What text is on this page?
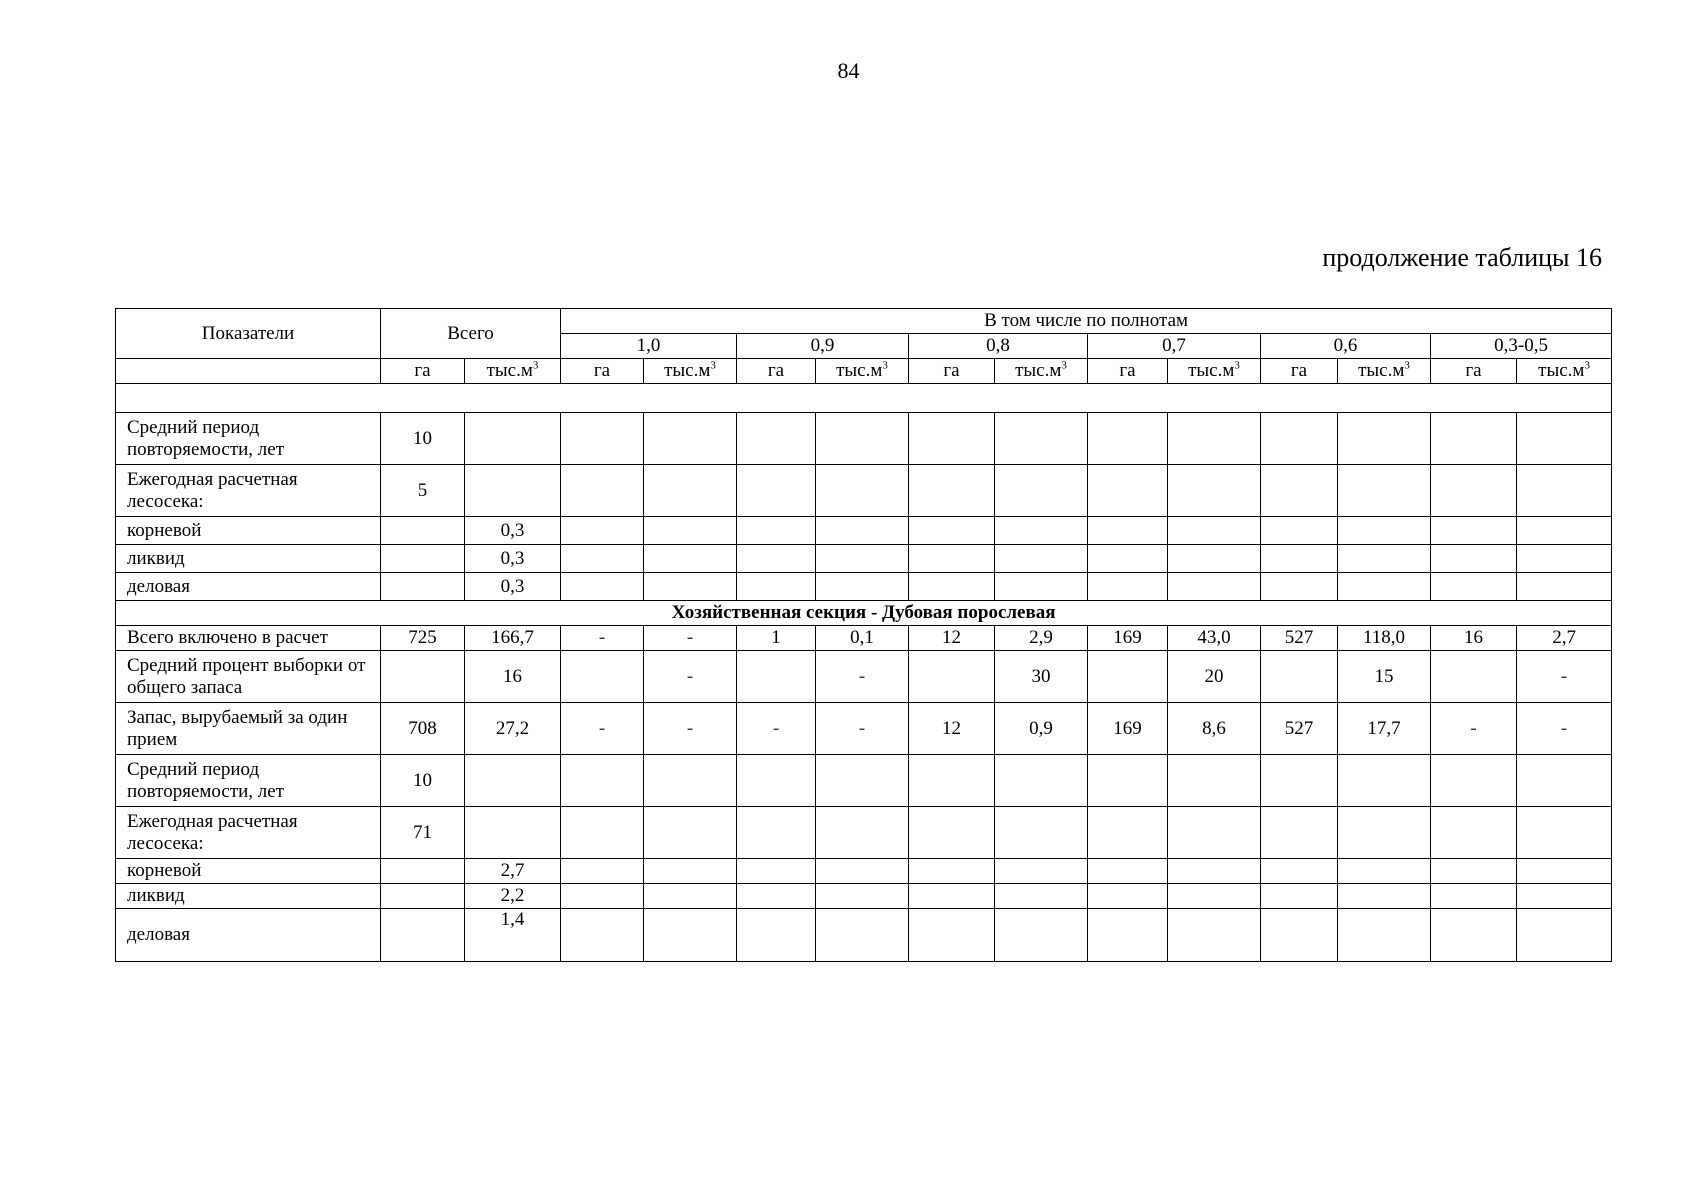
84
продолжение таблицы 16
Показатели	Всего		В том числе по полнотам											
			1,0		0,9		0,8		0,7		0,6		0,3-0,5	
	га	$тыс.м^3$	га	$тыс.м^3$	га	$тыс.м^3$	га	$тыс.м^3$	га	$тыс.м^3$	га	$тыс.м^3$	га	$тыс.м^3$

Средний период повторяемости, лет	10													
Ежегодная расчетная лесосека:	5													
корневой		0,3												
ликвид		0,3												
деловая		0,3												
Хозяйственная секция - Дубовая порослевая														
Всего включено в расчет	725	166,7	-	-	1	0,1	12	2,9	169	43,0	527	118,0	16	2,7
Средний процент выборки от общего запаса		16		-		-		30		20		15		-
Запас, вырубаемый за один прием	708	27,2	-	-	-	-	12	0,9	169	8,6	527	17,7	-	-
Средний период повторяемости, лет	10													
Ежегодная расчетная лесосека:	71													
корневой		2,7												
ликвид		2,2												
деловая		1,4												
